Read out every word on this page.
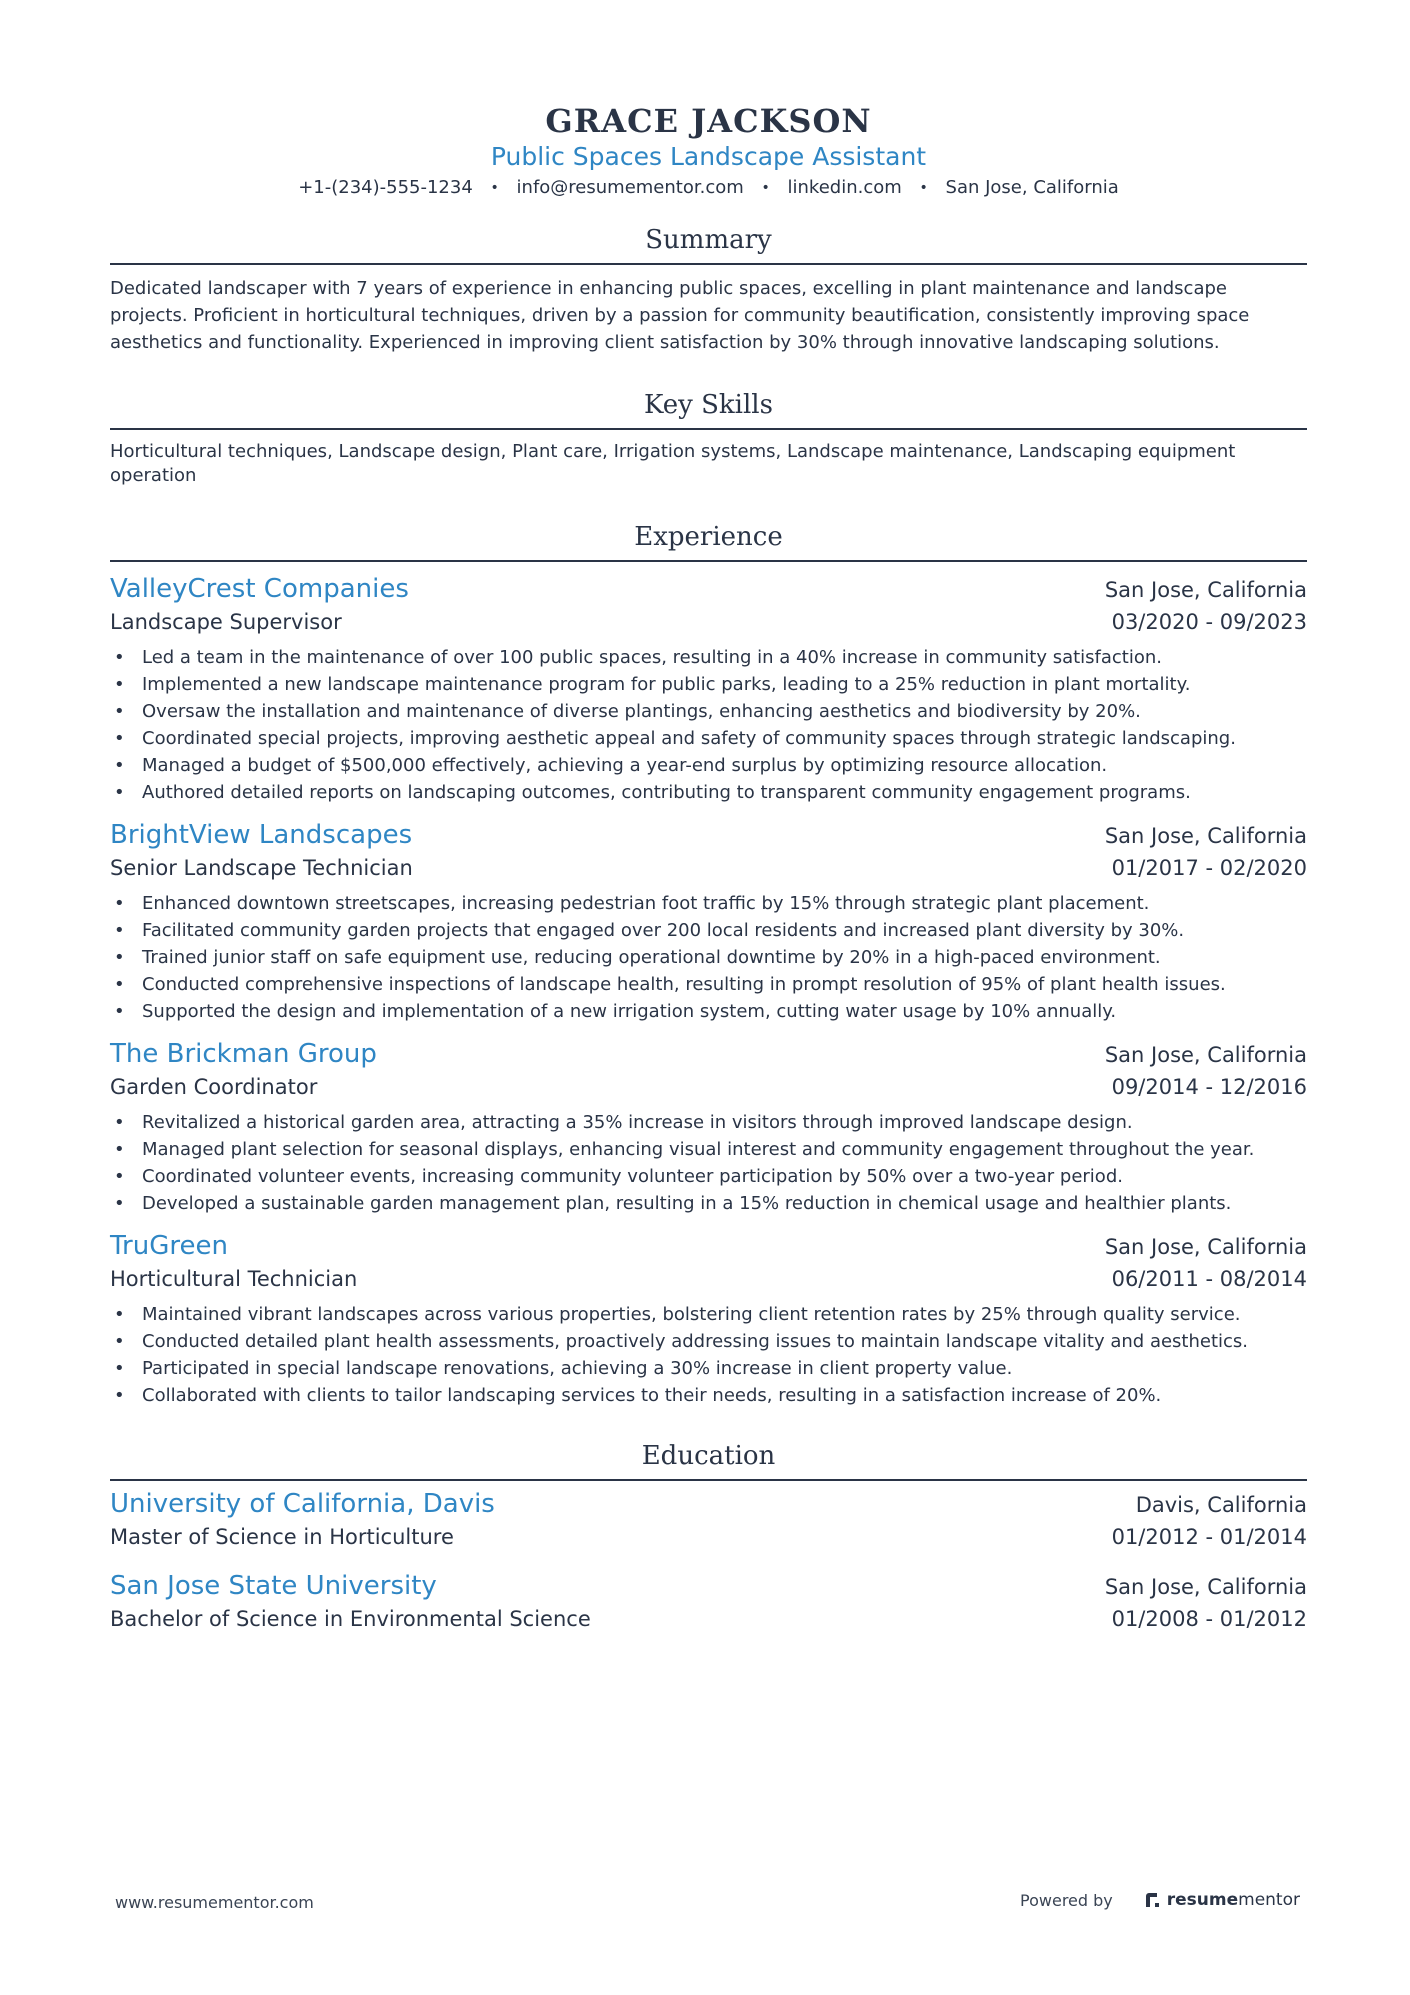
GRACE JACKSON
Public Spaces Landscape Assistant
+1-(234)-555-1234 • info@resumementor.com • linkedin.com • San Jose, California
Summary
Dedicated landscaper with 7 years of experience in enhancing public spaces, excelling in plant maintenance and landscape projects. Proficient in horticultural techniques, driven by a passion for community beautification, consistently improving space aesthetics and functionality. Experienced in improving client satisfaction by 30% through innovative landscaping solutions.
Key Skills
Horticultural techniques, Landscape design, Plant care, Irrigation systems, Landscape maintenance, Landscaping equipment operation
Experience
ValleyCrest Companies	San Jose, California
Landscape Supervisor	03/2020 - 09/2023
• Led a team in the maintenance of over 100 public spaces, resulting in a 40% increase in community satisfaction.
• Implemented a new landscape maintenance program for public parks, leading to a 25% reduction in plant mortality.
• Oversaw the installation and maintenance of diverse plantings, enhancing aesthetics and biodiversity by 20%.
• Coordinated special projects, improving aesthetic appeal and safety of community spaces through strategic landscaping.
• Managed a budget of $500,000 effectively, achieving a year-end surplus by optimizing resource allocation.
• Authored detailed reports on landscaping outcomes, contributing to transparent community engagement programs.
BrightView Landscapes	San Jose, California
Senior Landscape Technician	01/2017 - 02/2020
• Enhanced downtown streetscapes, increasing pedestrian foot traffic by 15% through strategic plant placement.
• Facilitated community garden projects that engaged over 200 local residents and increased plant diversity by 30%.
• Trained junior staff on safe equipment use, reducing operational downtime by 20% in a high-paced environment.
• Conducted comprehensive inspections of landscape health, resulting in prompt resolution of 95% of plant health issues.
• Supported the design and implementation of a new irrigation system, cutting water usage by 10% annually.
The Brickman Group	San Jose, California
Garden Coordinator	09/2014 - 12/2016
• Revitalized a historical garden area, attracting a 35% increase in visitors through improved landscape design.
• Managed plant selection for seasonal displays, enhancing visual interest and community engagement throughout the year.
• Coordinated volunteer events, increasing community volunteer participation by 50% over a two-year period.
• Developed a sustainable garden management plan, resulting in a 15% reduction in chemical usage and healthier plants.
TruGreen	San Jose, California
Horticultural Technician	06/2011 - 08/2014
• Maintained vibrant landscapes across various properties, bolstering client retention rates by 25% through quality service.
• Conducted detailed plant health assessments, proactively addressing issues to maintain landscape vitality and aesthetics.
• Participated in special landscape renovations, achieving a 30% increase in client property value.
• Collaborated with clients to tailor landscaping services to their needs, resulting in a satisfaction increase of 20%.
Education
University of California, Davis	Davis, California
Master of Science in Horticulture	01/2012 - 01/2014
San Jose State University	San Jose, California
Bachelor of Science in Environmental Science	01/2008 - 01/2012
www.resumementor.com	Powered by	resumementor
